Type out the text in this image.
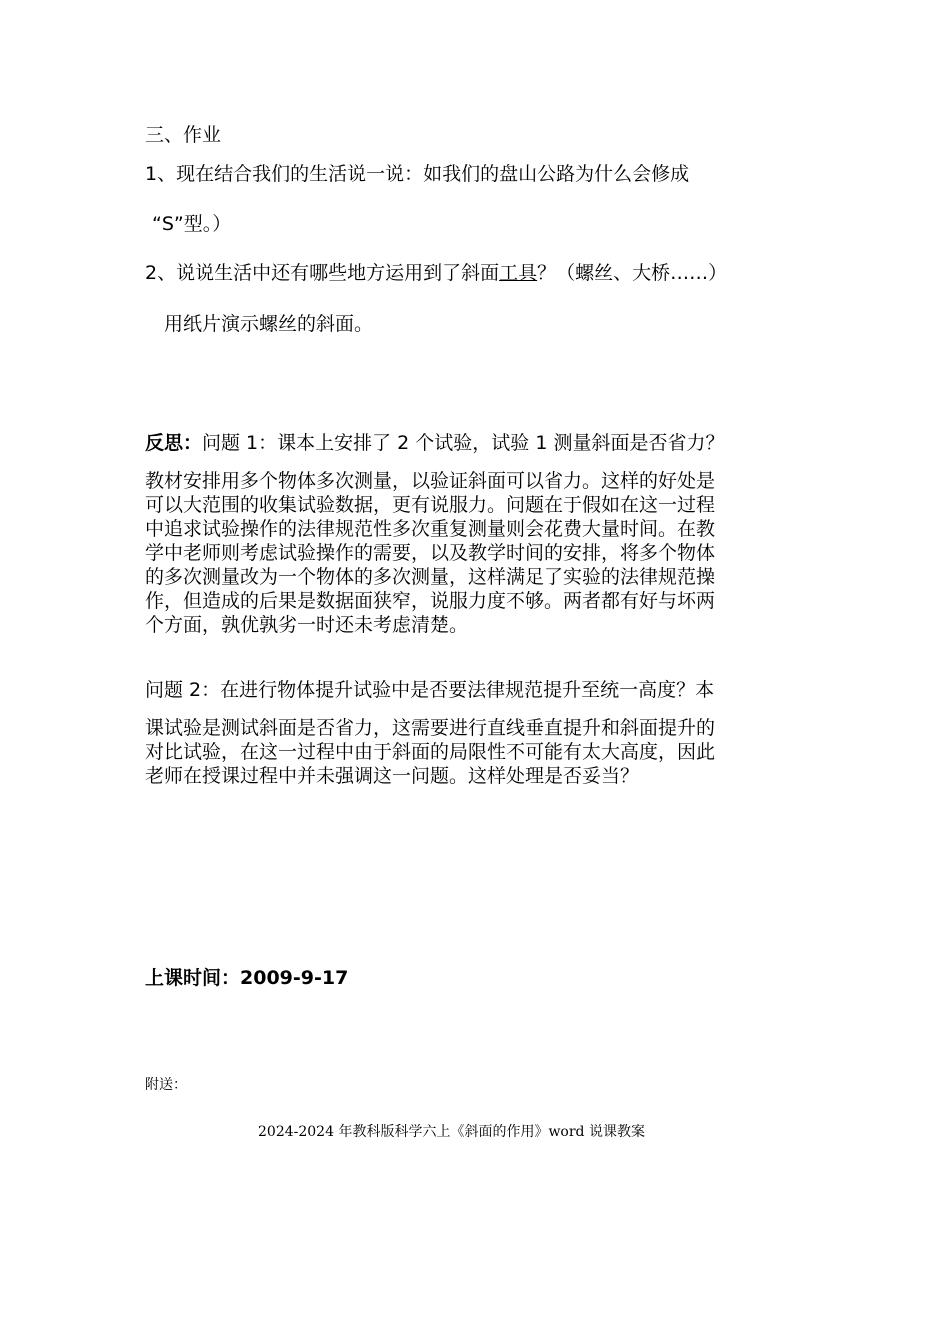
三、作业
1、现在结合我们的生活说一说：如我们的盘山公路为什么会修成
“S”型。）
2、说说生活中还有哪些地方运用到了斜面工具？（螺丝、大桥……）
用纸片演示螺丝的斜面。
反思：问题 1：课本上安排了 2 个试验，试验 1 测量斜面是否省力？
教材安排用多个物体多次测量，以验证斜面可以省力。这样的好处是
可以大范围的收集试验数据，更有说服力。问题在于假如在这一过程
中追求试验操作的法律规范性多次重复测量则会花费大量时间。在教
学中老师则考虑试验操作的需要，以及教学时间的安排，将多个物体
的多次测量改为一个物体的多次测量，这样满足了实验的法律规范操
作，但造成的后果是数据面狭窄，说服力度不够。两者都有好与坏两
个方面，孰优孰劣一时还未考虑清楚。
问题 2：在进行物体提升试验中是否要法律规范提升至统一高度？本
课试验是测试斜面是否省力，这需要进行直线垂直提升和斜面提升的
对比试验，在这一过程中由于斜面的局限性不可能有太大高度，因此
老师在授课过程中并未强调这一问题。这样处理是否妥当？
上课时间：2009-9-17
附送：
2024-2024 年教科版科学六上《斜面的作用》word 说课教案
